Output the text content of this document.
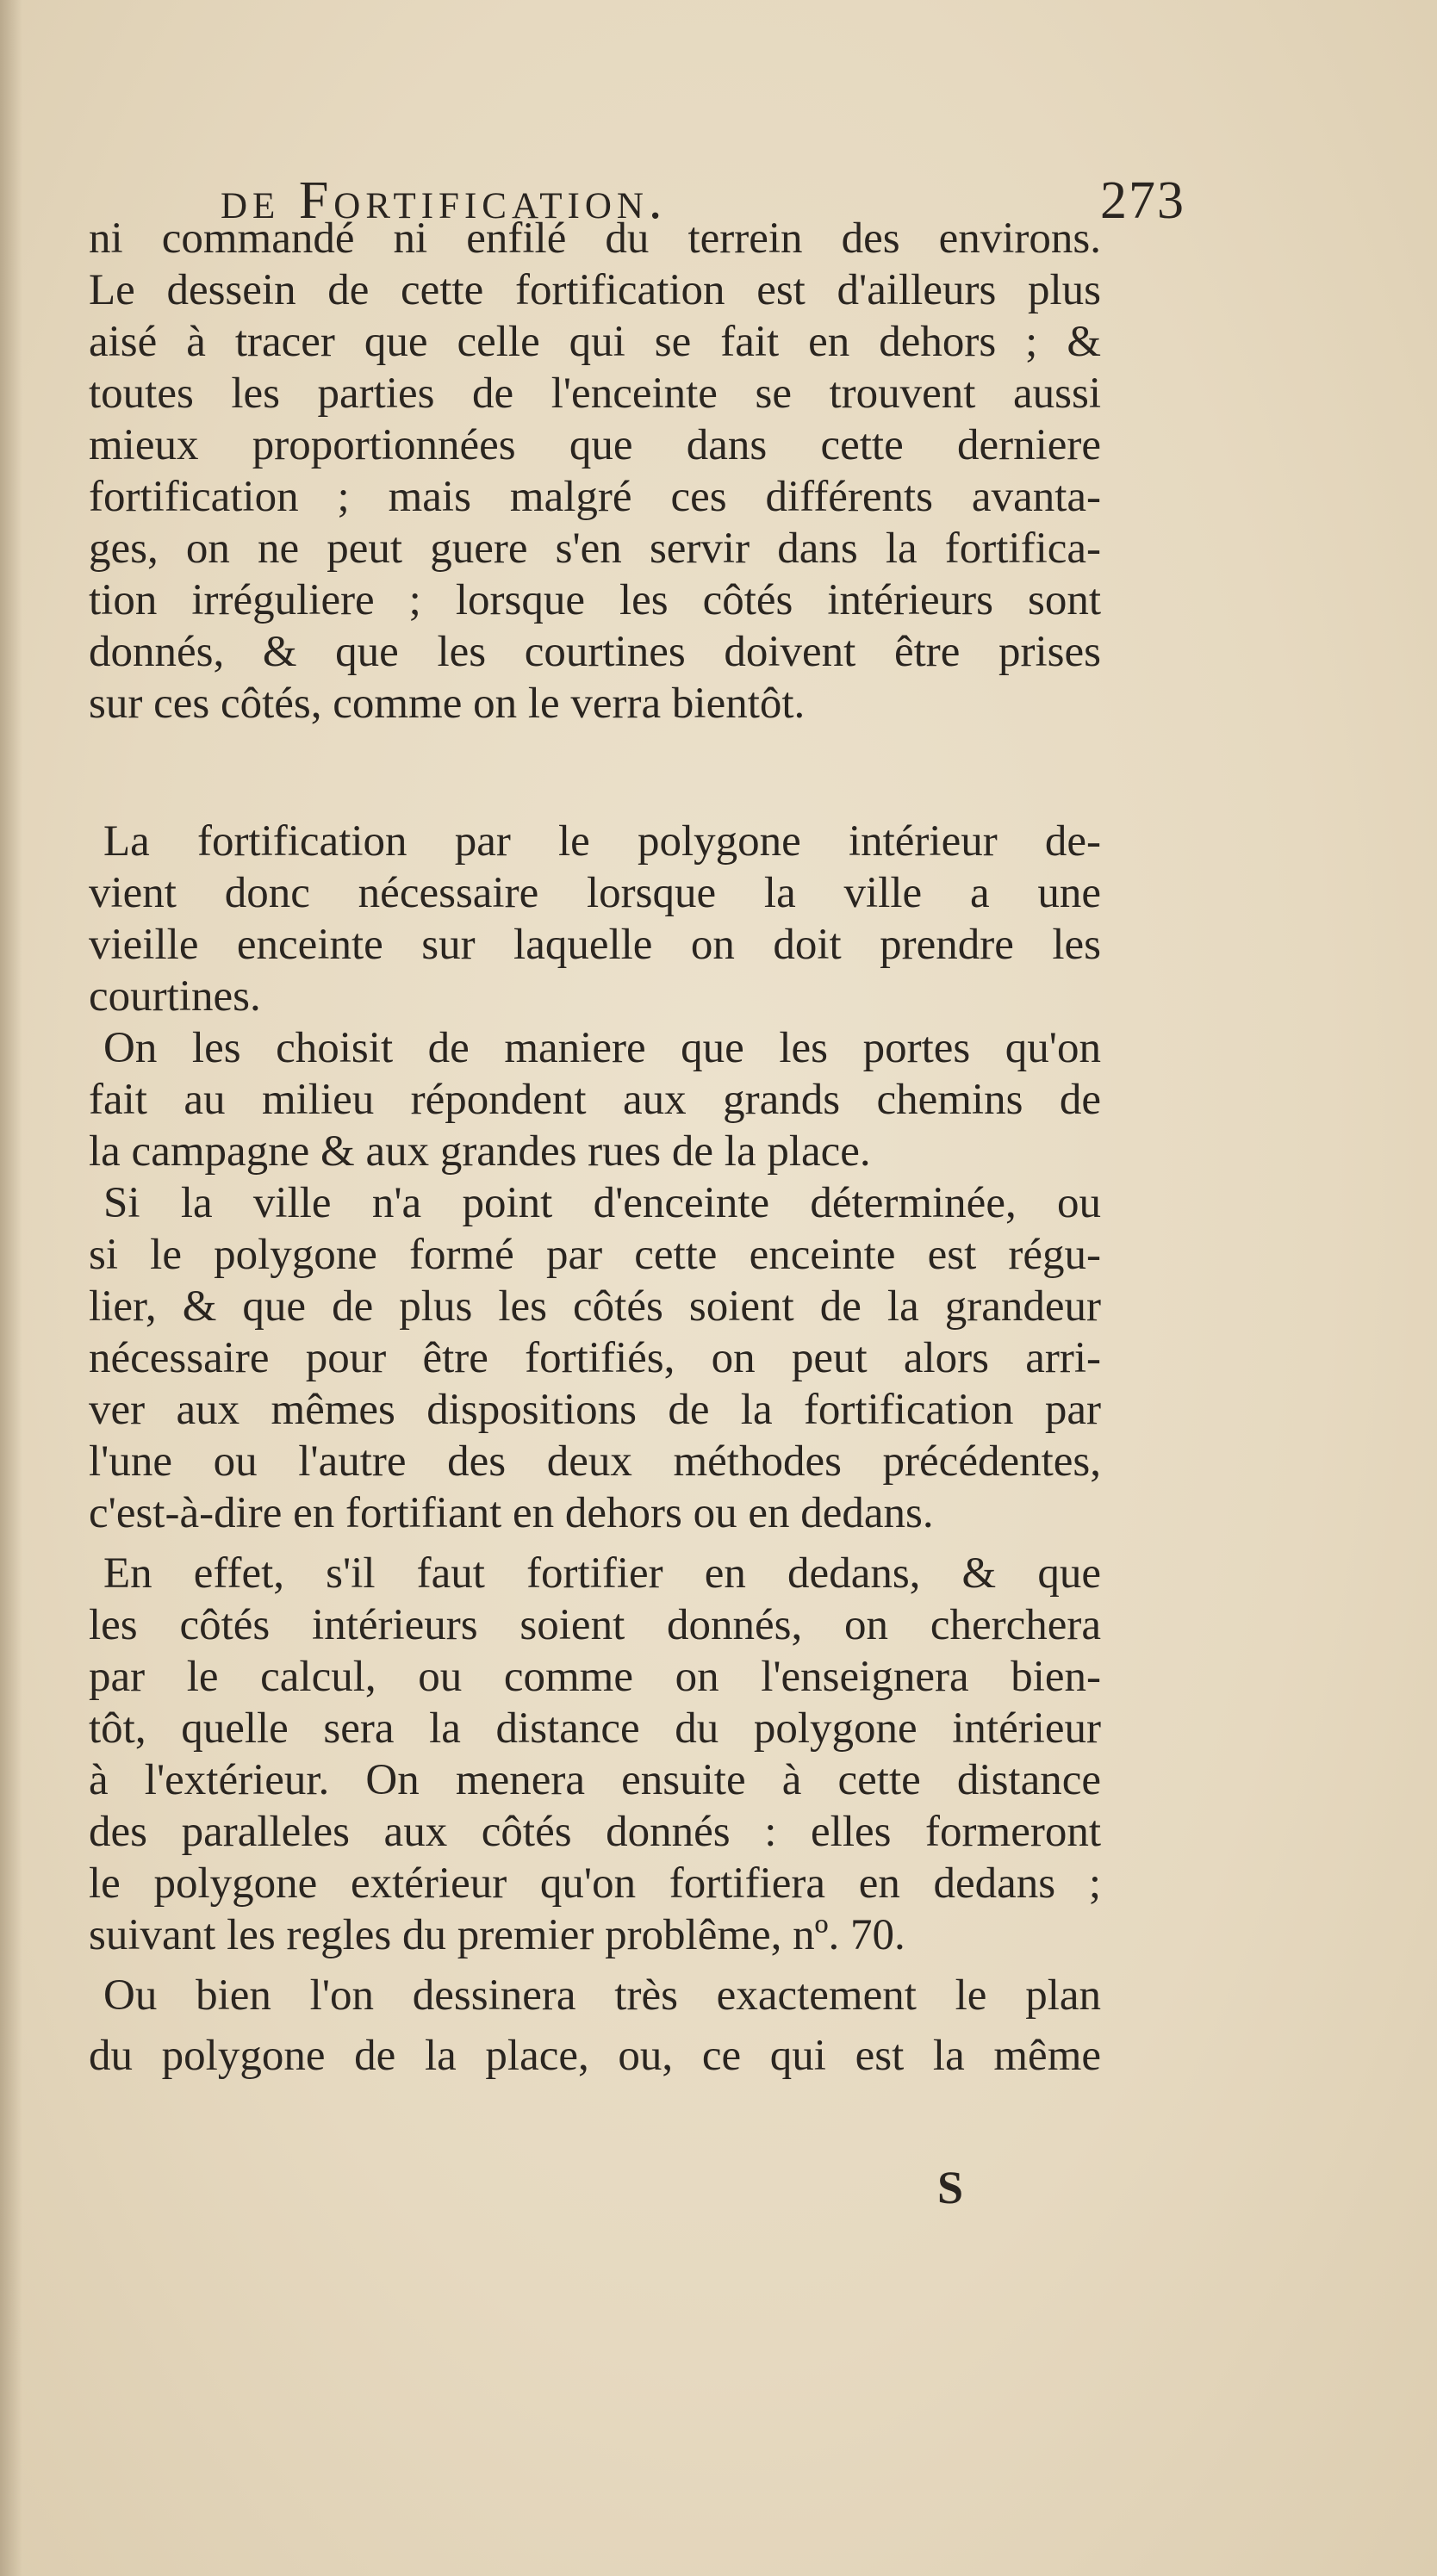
de Fortification.	273
ni commandé ni enfilé du terrein des environs.
Le dessein de cette fortification est d'ailleurs plus
aisé à tracer que celle qui se fait en dehors ; &
toutes les parties de l'enceinte se trouvent aussi
mieux proportionnées que dans cette derniere
fortification ; mais malgré ces différents avanta-
ges, on ne peut guere s'en servir dans la fortifica-
tion irréguliere ; lorsque les côtés intérieurs sont
donnés, & que les courtines doivent être prises
sur ces côtés, comme on le verra bientôt.
La fortification par le polygone intérieur de-
vient donc nécessaire lorsque la ville a une
vieille enceinte sur laquelle on doit prendre les
courtines.
On les choisit de maniere que les portes qu'on
fait au milieu répondent aux grands chemins de
la campagne & aux grandes rues de la place.
Si la ville n'a point d'enceinte déterminée, ou
si le polygone formé par cette enceinte est régu-
lier, & que de plus les côtés soient de la grandeur
nécessaire pour être fortifiés, on peut alors arri-
ver aux mêmes dispositions de la fortification par
l'une ou l'autre des deux méthodes précédentes,
c'est-à-dire en fortifiant en dehors ou en dedans.
En effet, s'il faut fortifier en dedans, & que
les côtés intérieurs soient donnés, on cherchera
par le calcul, ou comme on l'enseignera bien-
tôt, quelle sera la distance du polygone intérieur
à l'extérieur. On menera ensuite à cette distance
des paralleles aux côtés donnés : elles formeront
le polygone extérieur qu'on fortifiera en dedans ;
suivant les regles du premier problême, nº. 70.
Ou bien l'on dessinera très exactement le plan
du polygone de la place, ou, ce qui est la même
S
